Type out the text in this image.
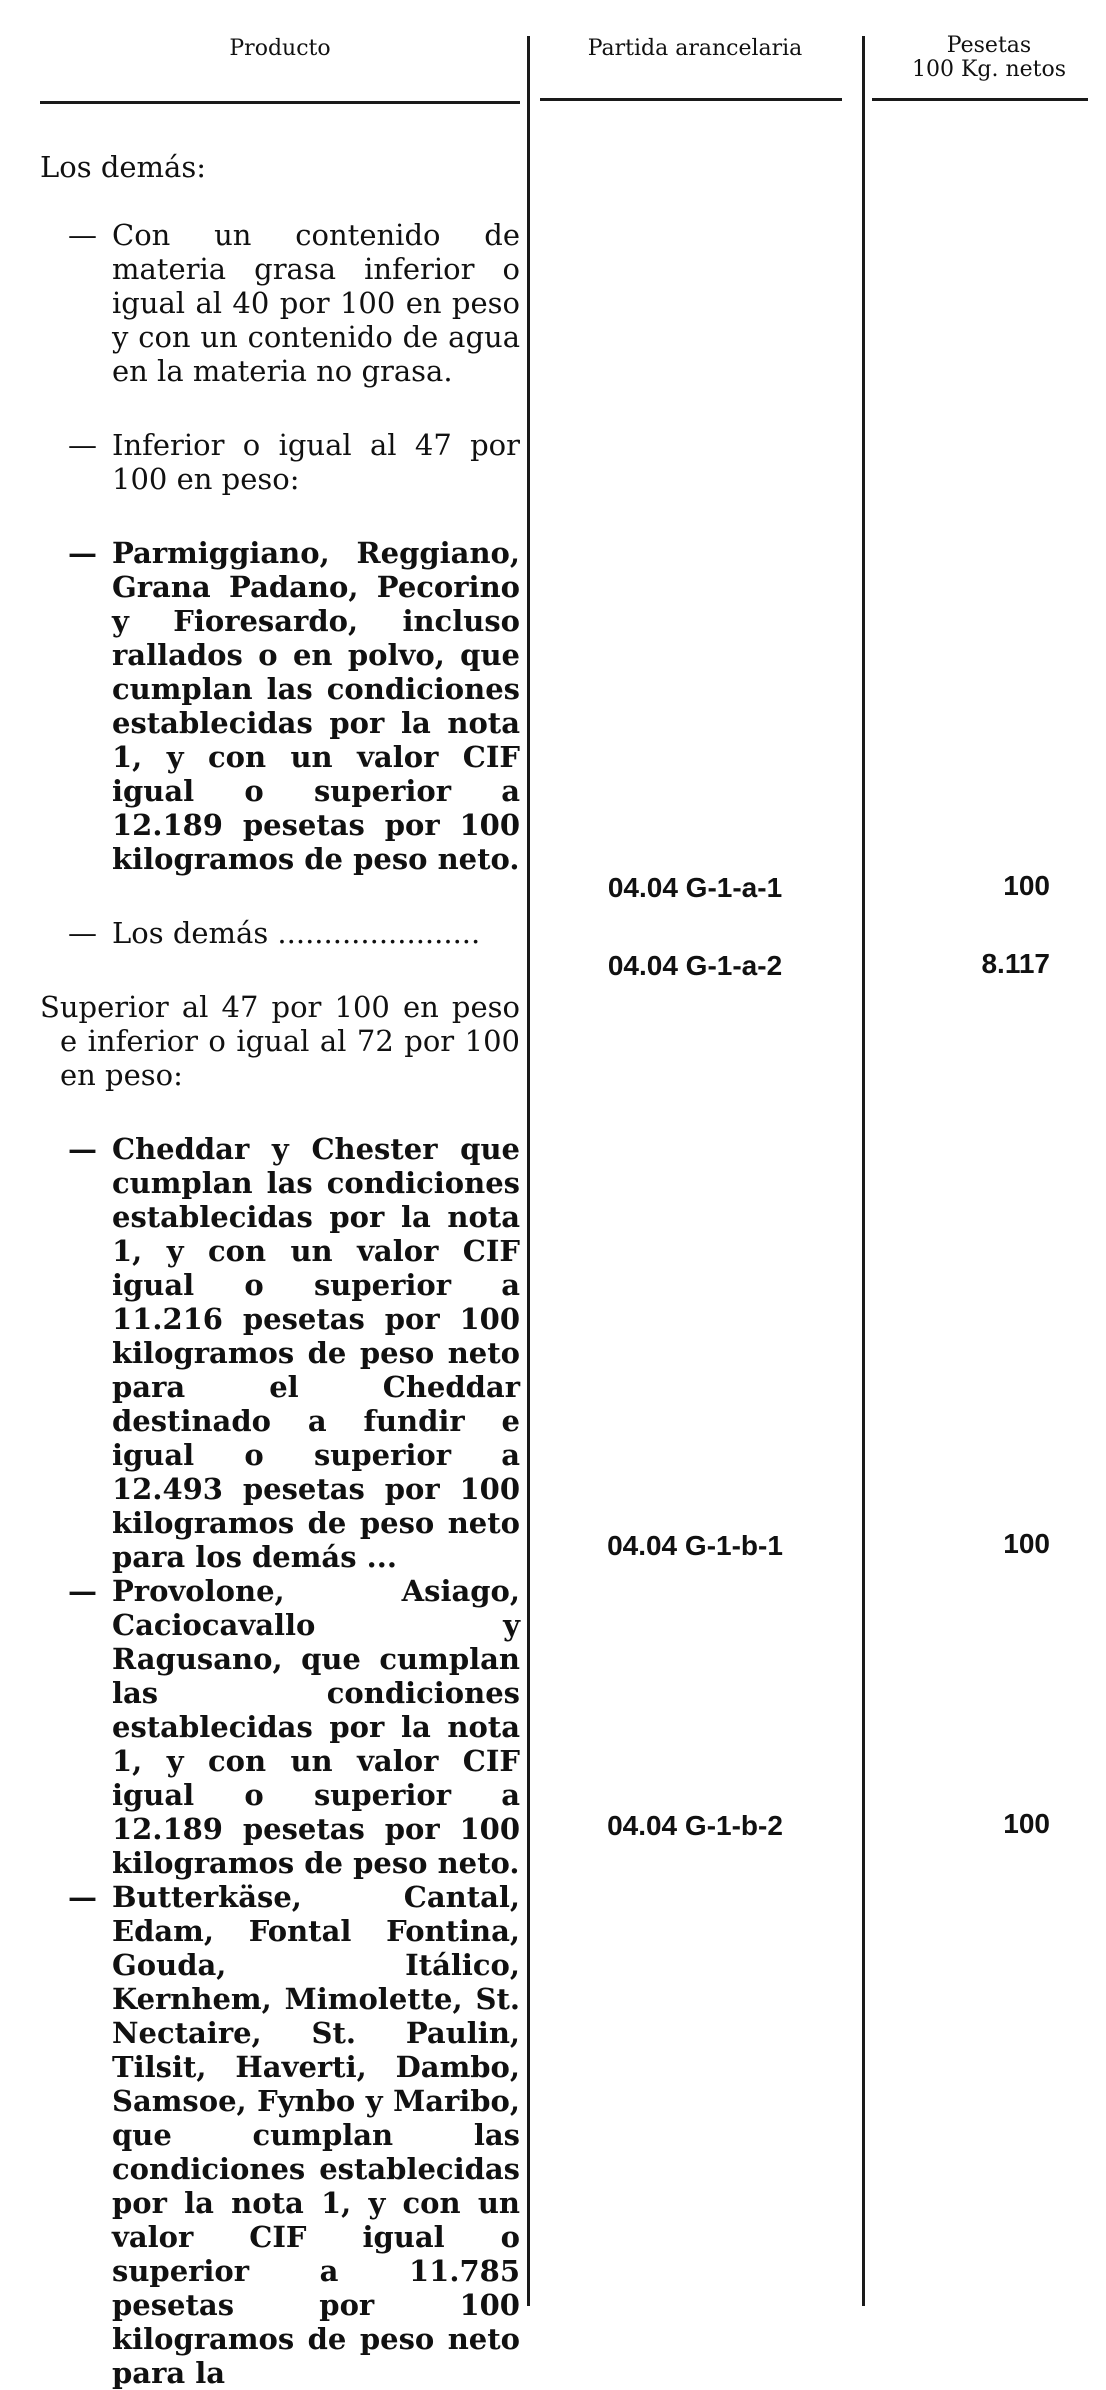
Producto	Partida arancelaria	Pesetas
100 Kg. netos
Los demás:
— Con un contenido de materia grasa inferior o igual al 40 por 100 en peso y con un contenido de agua en la materia no grasa.
— Inferior o igual al 47 por 100 en peso:
— Parmiggiano, Reggiano, Grana Padano, Pecorino y Fioresardo, incluso rallados o en polvo, que cumplan las condiciones establecidas por la nota 1, y con un valor CIF igual o superior a 12.189 pesetas por 100 kilogramos de peso neto.
— Los demás ......................
Superior al 47 por 100 en peso e inferior o igual al 72 por 100 en peso:
— Cheddar y Chester que cumplan las condiciones establecidas por la nota 1, y con un valor CIF igual o superior a 11.216 pesetas por 100 kilogramos de peso neto para el Cheddar destinado a fundir e igual o superior a 12.493 pesetas por 100 kilogramos de peso neto para los demás ...
— Provolone, Asiago, Caciocavallo y Ragusano, que cumplan las condiciones establecidas por la nota 1, y con un valor CIF igual o superior a 12.189 pesetas por 100 kilogramos de peso neto.
— Butterkäse, Cantal, Edam, Fontal Fontina, Gouda, Itálico, Kernhem, Mimolette, St. Nectaire, St. Paulin, Tilsit, Haverti, Dambo, Samsoe, Fynbo y Maribo, que cumplan las condiciones establecidas por la nota 1, y con un valor CIF igual o superior a 11.785 pesetas por 100 kilogramos de peso neto para la
04.04 G-1-a-1
04.04 G-1-a-2
04.04 G-1-b-1
04.04 G-1-b-2
100
8.117
100
100
